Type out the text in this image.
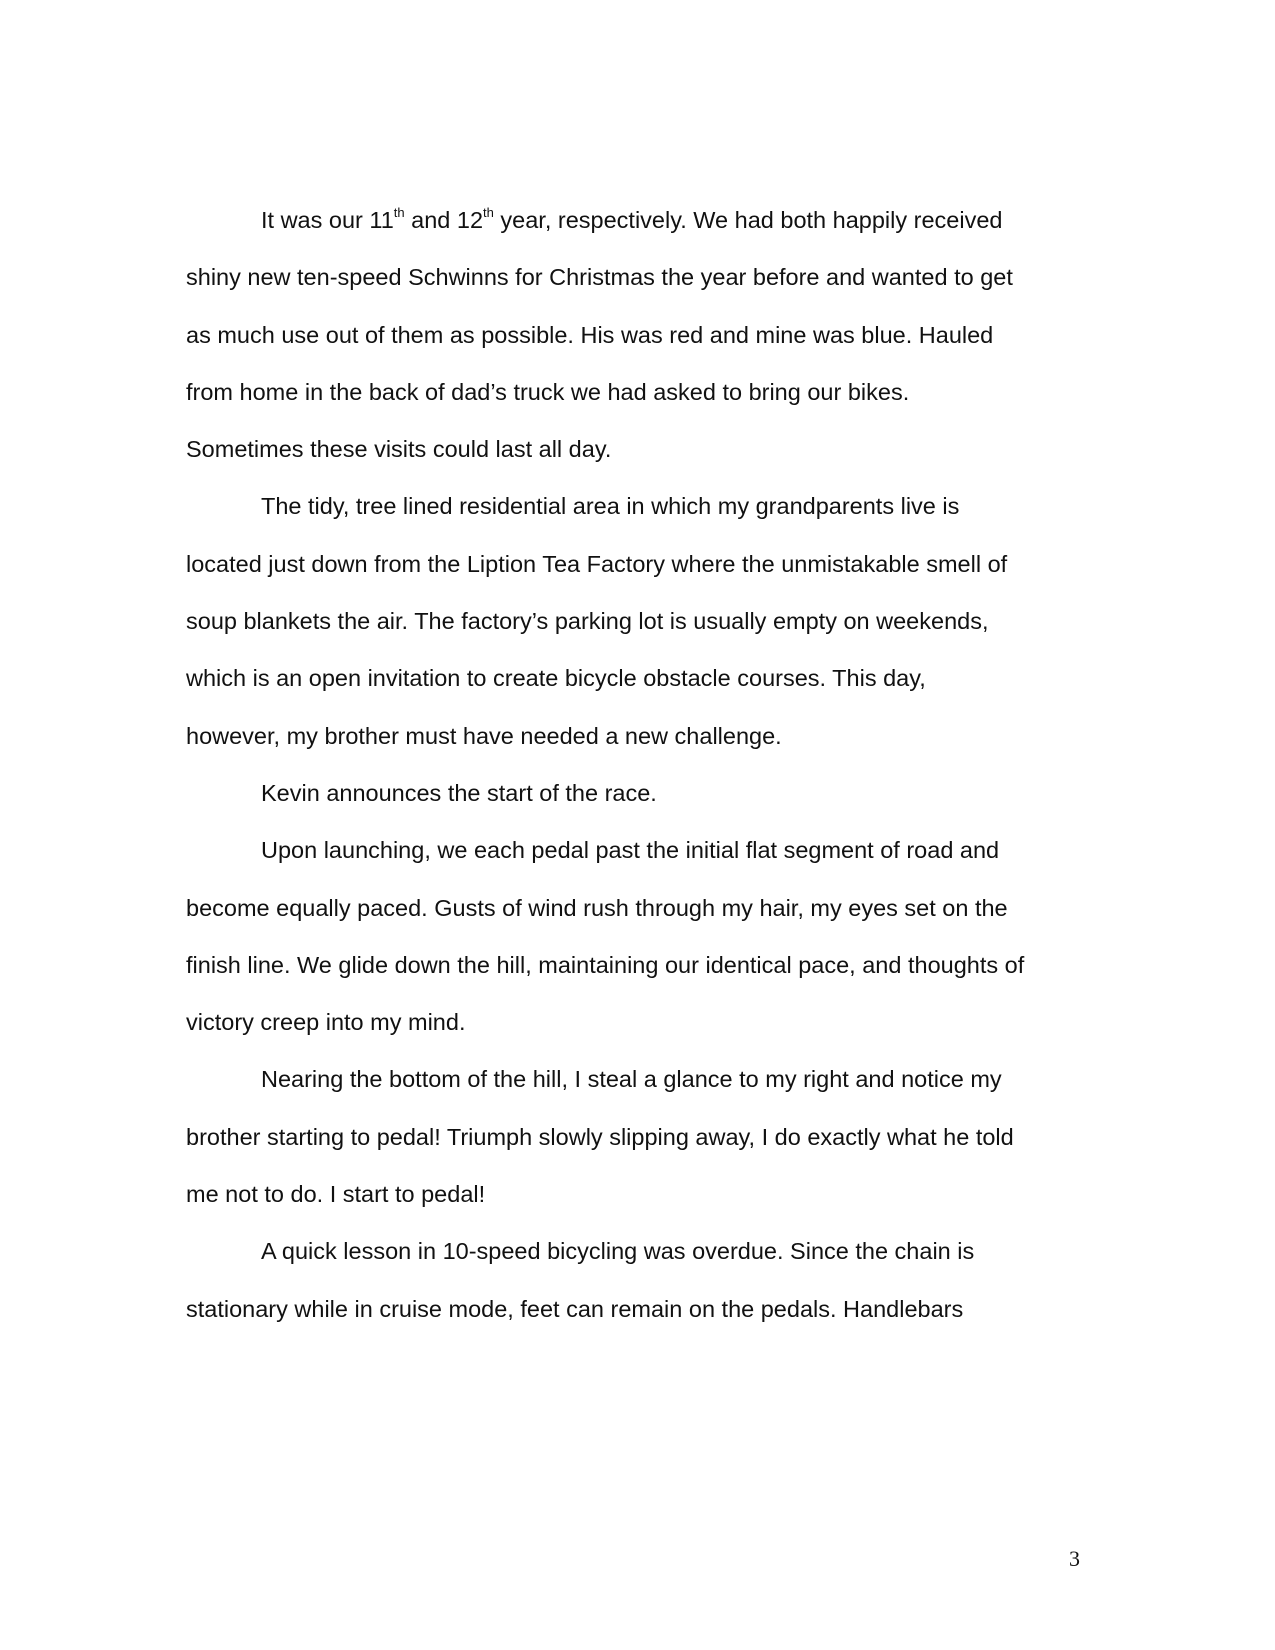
It was our 11th and 12th year, respectively. We had both happily received
shiny new ten-speed Schwinns for Christmas the year before and wanted to get
as much use out of them as possible. His was red and mine was blue. Hauled
from home in the back of dad’s truck we had asked to bring our bikes.
Sometimes these visits could last all day.

The tidy, tree lined residential area in which my grandparents live is
located just down from the Liption Tea Factory where the unmistakable smell of
soup blankets the air. The factory’s parking lot is usually empty on weekends,
which is an open invitation to create bicycle obstacle courses. This day,
however, my brother must have needed a new challenge.

Kevin announces the start of the race.

Upon launching, we each pedal past the initial flat segment of road and
become equally paced. Gusts of wind rush through my hair, my eyes set on the
finish line. We glide down the hill, maintaining our identical pace, and thoughts of
victory creep into my mind.

Nearing the bottom of the hill, I steal a glance to my right and notice my
brother starting to pedal! Triumph slowly slipping away, I do exactly what he told
me not to do. I start to pedal!

A quick lesson in 10-speed bicycling was overdue. Since the chain is
stationary while in cruise mode, feet can remain on the pedals. Handlebars

3
